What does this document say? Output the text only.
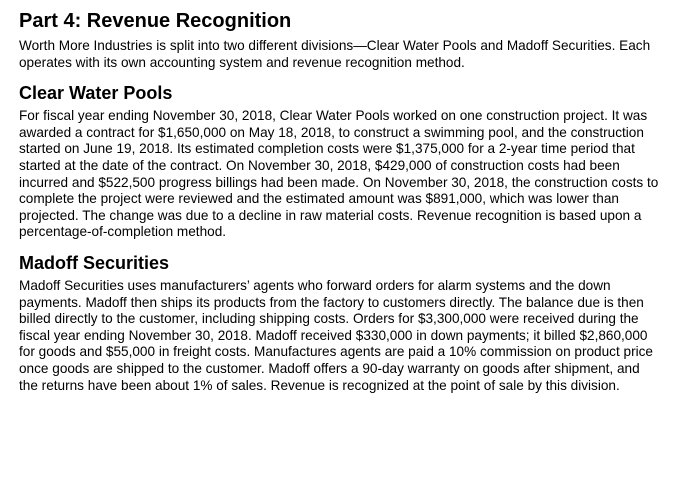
Part 4: Revenue Recognition

Worth More Industries is split into two different divisions—Clear Water Pools and Madoff Securities. Each operates with its own accounting system and revenue recognition method.

Clear Water Pools

For fiscal year ending November 30, 2018, Clear Water Pools worked on one construction project. It was awarded a contract for $1,650,000 on May 18, 2018, to construct a swimming pool, and the construction started on June 19, 2018. Its estimated completion costs were $1,375,000 for a 2-year time period that started at the date of the contract. On November 30, 2018, $429,000 of construction costs had been incurred and $522,500 progress billings had been made. On November 30, 2018, the construction costs to complete the project were reviewed and the estimated amount was $891,000, which was lower than projected. The change was due to a decline in raw material costs. Revenue recognition is based upon a percentage-of-completion method.

Madoff Securities

Madoff Securities uses manufacturers’ agents who forward orders for alarm systems and the down payments. Madoff then ships its products from the factory to customers directly. The balance due is then billed directly to the customer, including shipping costs. Orders for $3,300,000 were received during the fiscal year ending November 30, 2018. Madoff received $330,000 in down payments; it billed $2,860,000 for goods and $55,000 in freight costs. Manufactures agents are paid a 10% commission on product price once goods are shipped to the customer. Madoff offers a 90-day warranty on goods after shipment, and the returns have been about 1% of sales. Revenue is recognized at the point of sale by this division.
